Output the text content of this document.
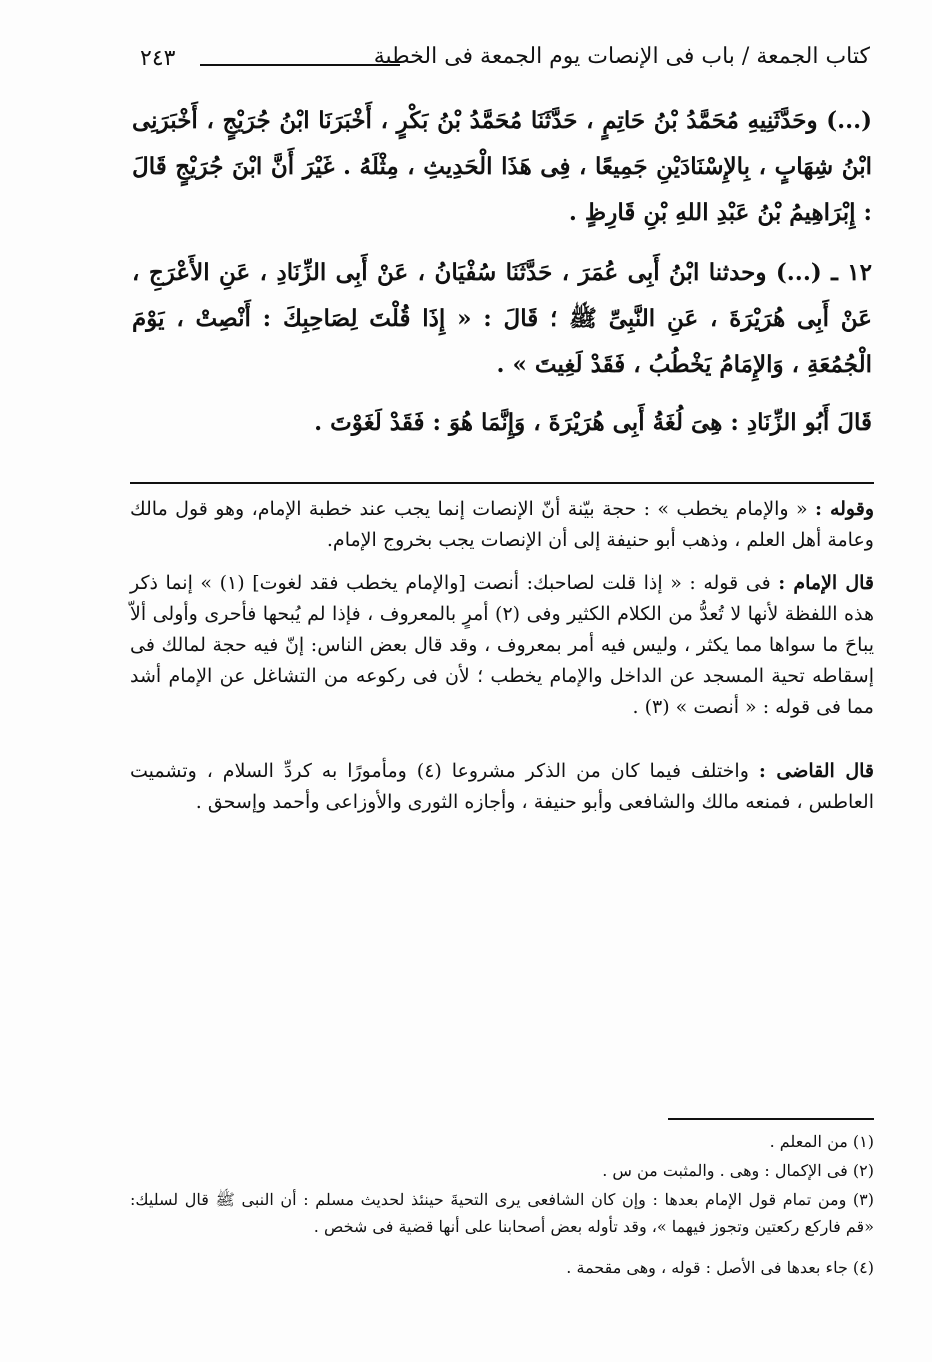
كتاب الجمعة / باب فى الإنصات يوم الجمعة فى الخطبة
٢٤٣
(...) وحَدَّثَنِيهِ مُحَمَّدُ بْنُ حَاتِمٍ ، حَدَّثَنَا مُحَمَّدُ بْنُ بَكْرٍ ، أَخْبَرَنَا ابْنُ جُرَيْجٍ ، أَخْبَرَنِى ابْنُ شِهَابٍ ، بِالإِسْنَادَيْنِ جَمِيعًا ، فِى هَذَا الْحَدِيثِ ، مِثْلَهُ . غَيْرَ أَنَّ ابْنَ جُرَيْجٍ قَالَ : إِبْرَاهِيمُ بْنُ عَبْدِ اللهِ بْنِ قَارِظٍ .
١٢ ـ (...) وحدثنا ابْنُ أَبِى عُمَرَ ، حَدَّثَنَا سُفْيَانُ ، عَنْ أَبِى الزِّنَادِ ، عَنِ الأَعْرَجِ ، عَنْ أَبِى هُرَيْرَةَ ، عَنِ النَّبِىِّ ﷺ ؛ قَالَ : « إِذَا قُلْتَ لِصَاحِبِكَ : أَنْصِتْ ، يَوْمَ الْجُمُعَةِ ، وَالإِمَامُ يَخْطُبُ ، فَقَدْ لَغِيتَ » .
قَالَ أَبُو الزِّنَادِ : هِىَ لُغَةُ أَبِى هُرَيْرَةَ ، وَإِنَّمَا هُوَ : فَقَدْ لَغَوْتَ .
وقوله : « والإمام يخطب » : حجة بيّنة أنّ الإنصات إنما يجب عند خطبة الإمام، وهو قول مالك وعامة أهل العلم ، وذهب أبو حنيفة إلى أن الإنصات يجب بخروج الإمام.
قال الإمام : فى قوله : « إذا قلت لصاحبك: أنصت [والإمام يخطب فقد لغوت] (١) » إنما ذكر هذه اللفظة لأنها لا تُعدُّ من الكلام الكثير وفى (٢) أمرٍ بالمعروف ، فإذا لم يُبحها فأحرى وأولى ألاّ يباحَ ما سواها مما يكثر ، وليس فيه أمر بمعروف ، وقد قال بعض الناس: إنّ فيه حجة لمالك فى إسقاطه تحية المسجد عن الداخل والإمام يخطب ؛ لأن فى ركوعه من التشاغل عن الإمام أشد مما فى قوله : « أنصت » (٣) .
قال القاضى : واختلف فيما كان من الذكر مشروعا (٤) ومأمورًا به كردِّ السلام ، وتشميت العاطس ، فمنعه مالك والشافعى وأبو حنيفة ، وأجازه الثورى والأوزاعى وأحمد وإسحق .
(١) من المعلم .
(٢) فى الإكمال : وهى . والمثبت من س .
(٣) ومن تمام قول الإمام بعدها : وإن كان الشافعى يرى التحيةَ حينئذ لحديث مسلم : أن النبى ﷺ قال لسليك: «قم فاركع ركعتين وتجوز فيهما »، وقد تأوله بعض أصحابنا على أنها قضية فى شخص .
(٤) جاء بعدها فى الأصل : قوله ، وهى مقحمة .
